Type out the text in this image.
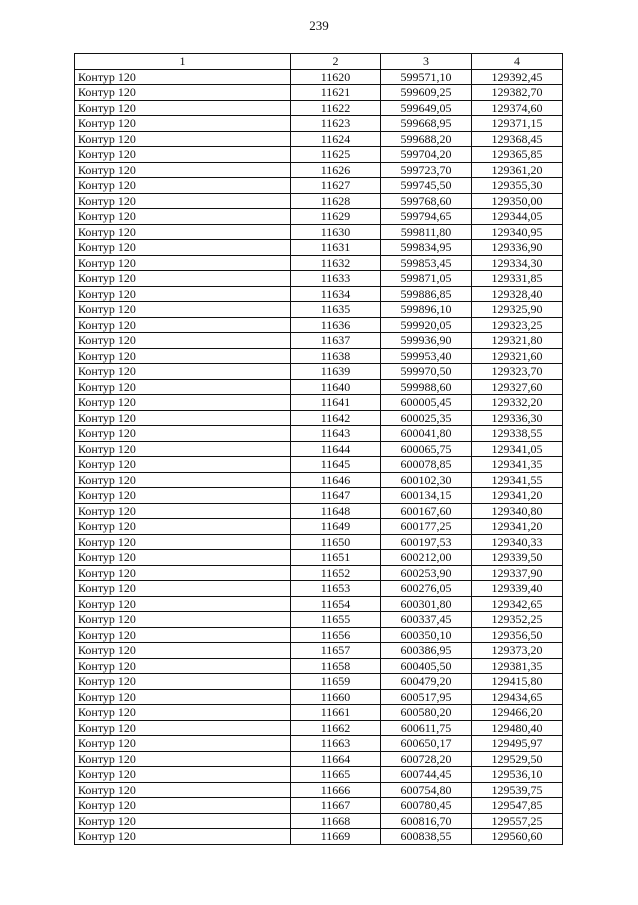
239
1	2	3	4
Контур 120	11620	599571,10	129392,45
Контур 120	11621	599609,25	129382,70
Контур 120	11622	599649,05	129374,60
Контур 120	11623	599668,95	129371,15
Контур 120	11624	599688,20	129368,45
Контур 120	11625	599704,20	129365,85
Контур 120	11626	599723,70	129361,20
Контур 120	11627	599745,50	129355,30
Контур 120	11628	599768,60	129350,00
Контур 120	11629	599794,65	129344,05
Контур 120	11630	599811,80	129340,95
Контур 120	11631	599834,95	129336,90
Контур 120	11632	599853,45	129334,30
Контур 120	11633	599871,05	129331,85
Контур 120	11634	599886,85	129328,40
Контур 120	11635	599896,10	129325,90
Контур 120	11636	599920,05	129323,25
Контур 120	11637	599936,90	129321,80
Контур 120	11638	599953,40	129321,60
Контур 120	11639	599970,50	129323,70
Контур 120	11640	599988,60	129327,60
Контур 120	11641	600005,45	129332,20
Контур 120	11642	600025,35	129336,30
Контур 120	11643	600041,80	129338,55
Контур 120	11644	600065,75	129341,05
Контур 120	11645	600078,85	129341,35
Контур 120	11646	600102,30	129341,55
Контур 120	11647	600134,15	129341,20
Контур 120	11648	600167,60	129340,80
Контур 120	11649	600177,25	129341,20
Контур 120	11650	600197,53	129340,33
Контур 120	11651	600212,00	129339,50
Контур 120	11652	600253,90	129337,90
Контур 120	11653	600276,05	129339,40
Контур 120	11654	600301,80	129342,65
Контур 120	11655	600337,45	129352,25
Контур 120	11656	600350,10	129356,50
Контур 120	11657	600386,95	129373,20
Контур 120	11658	600405,50	129381,35
Контур 120	11659	600479,20	129415,80
Контур 120	11660	600517,95	129434,65
Контур 120	11661	600580,20	129466,20
Контур 120	11662	600611,75	129480,40
Контур 120	11663	600650,17	129495,97
Контур 120	11664	600728,20	129529,50
Контур 120	11665	600744,45	129536,10
Контур 120	11666	600754,80	129539,75
Контур 120	11667	600780,45	129547,85
Контур 120	11668	600816,70	129557,25
Контур 120	11669	600838,55	129560,60
